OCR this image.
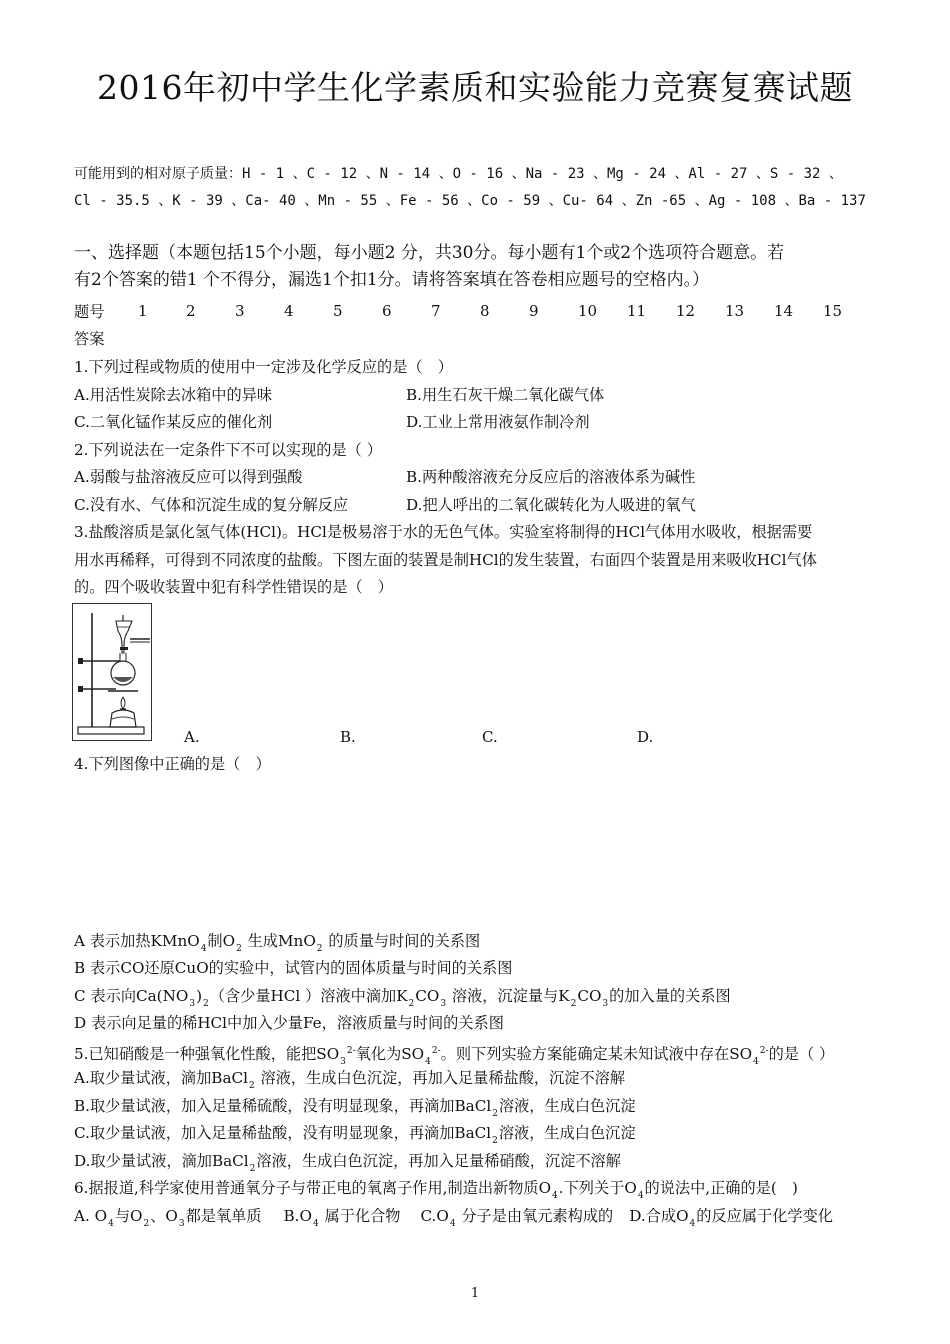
2016年初中学生化学素质和实验能力竞赛复赛试题
可能用到的相对原子质量：H - 1 、C - 12 、N - 14 、O - 16 、Na - 23 、Mg - 24 、Al - 27 、S - 32 、
Cl - 35.5 、K - 39 、Ca- 40 、Mn - 55 、Fe - 56 、Co - 59 、Cu- 64 、Zn -65 、Ag - 108 、Ba - 137
一、选择题（本题包括15个小题，每小题2 分，共30分。每小题有1个或2个选项符合题意。若
有2个答案的错1 个不得分，漏选1个扣1分。请将答案填在答卷相应题号的空格内。）
题号 1	2	3	4	5	6	7	8	9	10 11 12 13 14 15
答案
1.下列过程或物质的使用中一定涉及化学反应的是（　）
A.用活性炭除去冰箱中的异味	B.用生石灰干燥二氧化碳气体
C.二氧化锰作某反应的催化剂	D.工业上常用液氨作制冷剂
2.下列说法在一定条件下不可以实现的是（ ）
A.弱酸与盐溶液反应可以得到强酸	B.两种酸溶液充分反应后的溶液体系为碱性
C.没有水、气体和沉淀生成的复分解反应	D.把人呼出的二氧化碳转化为人吸进的氧气
3.盐酸溶质是氯化氢气体(HCl)。HCl是极易溶于水的无色气体。实验室将制得的HCl气体用水吸收，根据需要
用水再稀释，可得到不同浓度的盐酸。下图左面的装置是制HCl的发生装置，右面四个装置是用来吸收HCl气体
的。四个吸收装置中犯有科学性错误的是（　）
A.	B.	C.	D.
4.下列图像中正确的是（　）
A 表示加热KMnO$_4$制$O_2$ 生成MnO$_2$ 的质量与时间的关系图
B 表示CO还原CuO的实验中，试管内的固体质量与时间的关系图
C 表示向$Ca(NO_3)_2$（含少量HCl ）溶液中滴加$K_2CO_3$ 溶液，沉淀量与$K_2CO_3$的加入量的关系图
D 表示向足量的稀HCl中加入少量Fe，溶液质量与时间的关系图
5.已知硝酸是一种强氧化性酸，能把$SO_3^{2-}$氧化为$SO_4^{2-}$。则下列实验方案能确定某未知试液中存在$SO_4^{2-}$的是（ ）
A.取少量试液，滴加BaCl$_2$ 溶液，生成白色沉淀，再加入足量稀盐酸，沉淀不溶解
B.取少量试液，加入足量稀硫酸，没有明显现象，再滴加BaCl$_2$溶液，生成白色沉淀
C.取少量试液，加入足量稀盐酸，没有明显现象，再滴加BaCl$_2$溶液，生成白色沉淀
D.取少量试液，滴加BaCl$_2$溶液，生成白色沉淀，再加入足量稀硝酸，沉淀不溶解
6.据报道,科学家使用普通氧分子与带正电的氧离子作用,制造出新物质$O_4$.下列关于$O_4$的说法中,正确的是(　)
A. $O_4$与$O_2$、$O_3$都是氧单质 $B.O_4$ 属于化合物 $C.O_4$ 分子是由氧元素构成的 D.合成$O_4$的反应属于化学变化
1
